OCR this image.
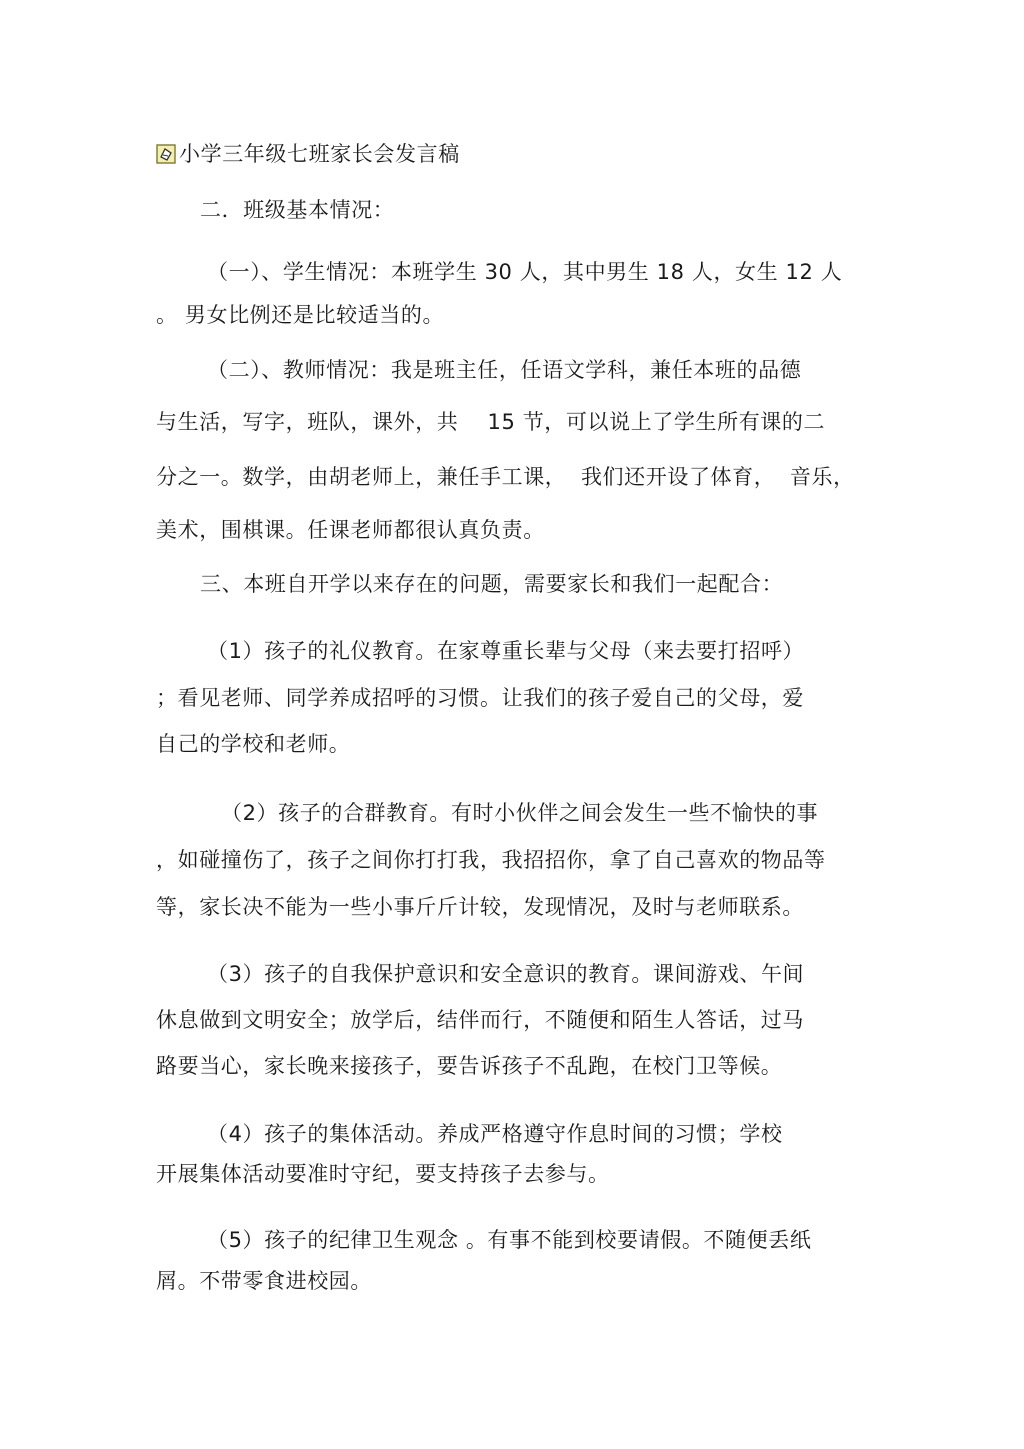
小学三年级七班家长会发言稿
二．班级基本情况：
（一）、学生情况：本班学生 30 人，其中男生 18 人，女生 12 人
。 男女比例还是比较适当的。
（二）、教师情况：我是班主任，任语文学科，兼任本班的品德
与生活，写字，班队，课外，共    15 节，可以说上了学生所有课的二
分之一。数学，由胡老师上，兼任手工课，  我们还开设了体育，  音乐，
美术，围棋课。任课老师都很认真负责。
三、本班自开学以来存在的问题，需要家长和我们一起配合：
（1）孩子的礼仪教育。在家尊重长辈与父母（来去要打招呼）
；看见老师、同学养成招呼的习惯。让我们的孩子爱自己的父母，爱
自己的学校和老师。
（2）孩子的合群教育。有时小伙伴之间会发生一些不愉快的事
，如碰撞伤了，孩子之间你打打我，我招招你，拿了自己喜欢的物品等
等，家长决不能为一些小事斤斤计较，发现情况，及时与老师联系。
（3）孩子的自我保护意识和安全意识的教育。课间游戏、午间
休息做到文明安全；放学后，结伴而行，不随便和陌生人答话，过马
路要当心，家长晚来接孩子，要告诉孩子不乱跑，在校门卫等候。
（4）孩子的集体活动。养成严格遵守作息时间的习惯；学校
开展集体活动要准时守纪，要支持孩子去参与。
（5）孩子的纪律卫生观念 。有事不能到校要请假。不随便丢纸
屑。不带零食进校园。
